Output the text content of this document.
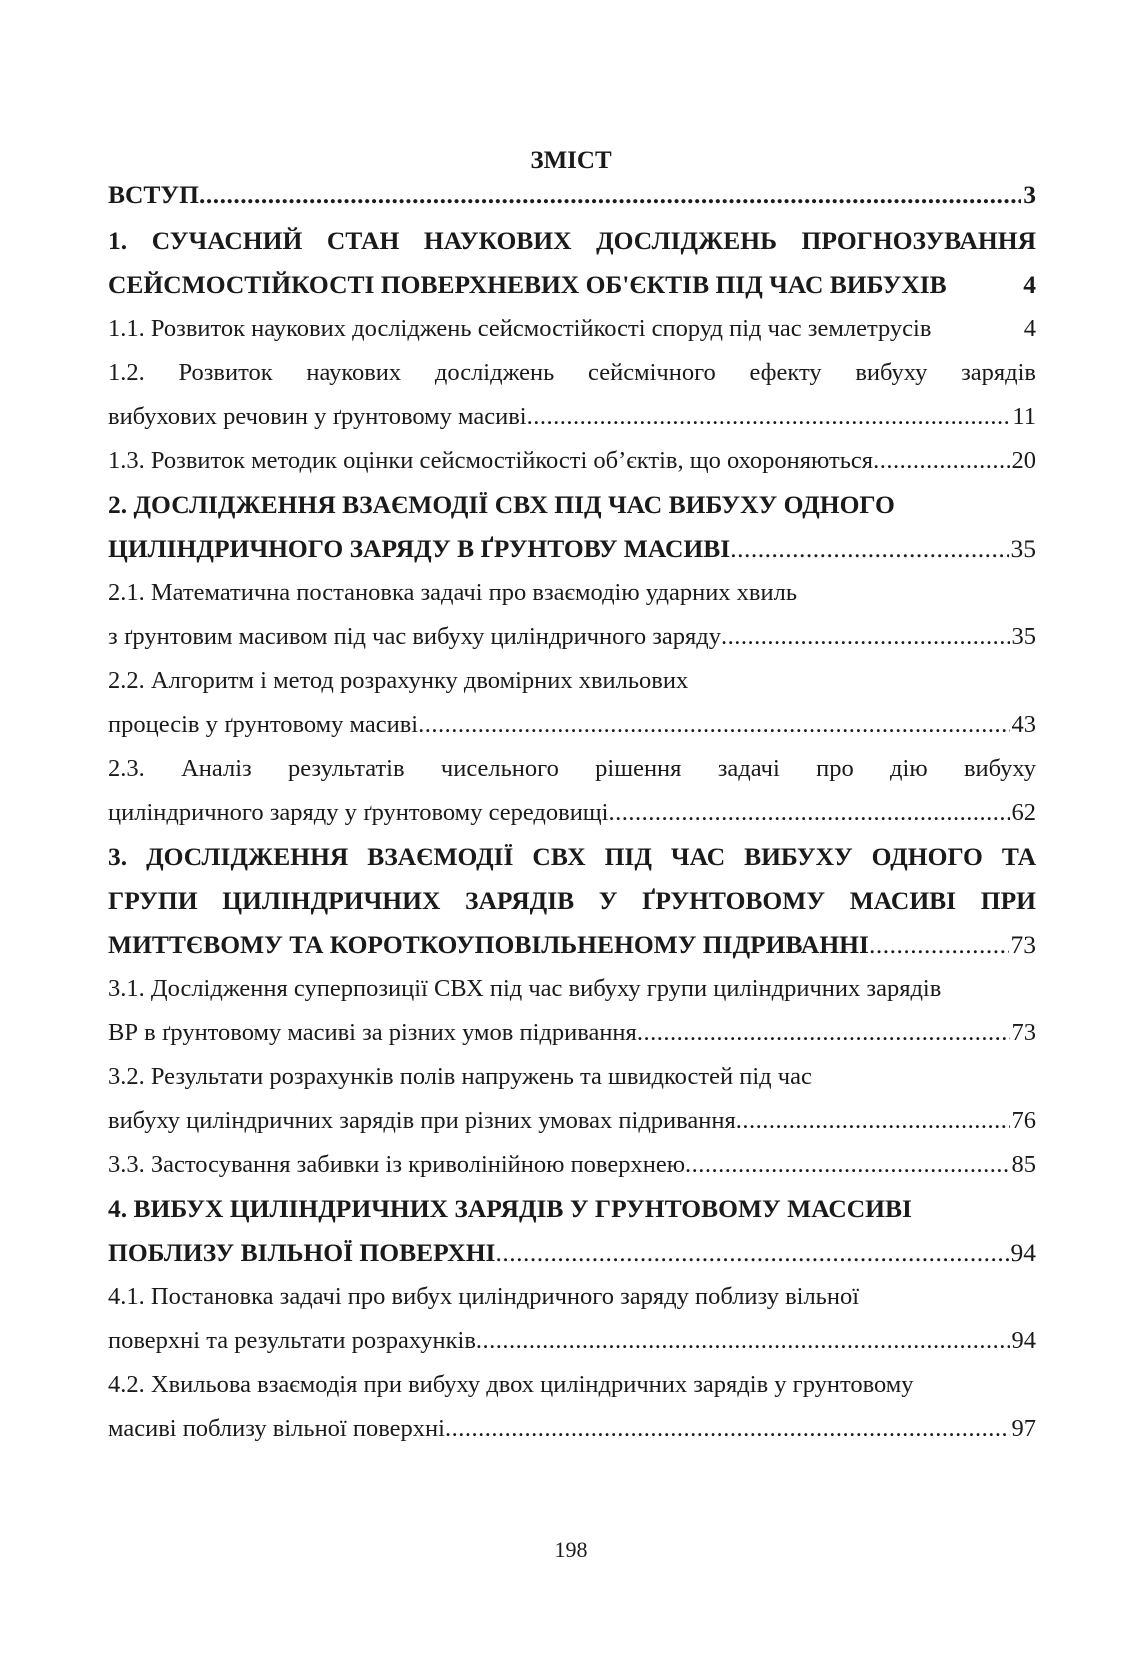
ЗМІСТ
ВСТУП .....	3
1. СУЧАСНИЙ СТАН НАУКОВИХ ДОСЛІДЖЕНЬ ПРОГНОЗУВАННЯ
СЕЙСМОСТІЙКОСТІ ПОВЕРХНЕВИХ ОБ'ЄКТІВ ПІД ЧАС ВИБУХІВ	4
1.1. Розвиток наукових досліджень сейсмостійкості споруд під час землетрусів	4
1.2. Розвиток наукових досліджень сейсмічного ефекту вибуху зарядів
вибухових речовин у ґрунтовому масиві .....	11
1.3. Розвиток методик оцінки сейсмостійкості об’єктів, що охороняються .....	20
2. ДОСЛІДЖЕННЯ ВЗАЄМОДІЇ СВХ ПІД ЧАС ВИБУХУ ОДНОГО
ЦИЛІНДРИЧНОГО ЗАРЯДУ В ҐРУНТОВУ МАСИВІ .....	35
2.1. Математична постановка задачі про взаємодію ударних хвиль
з ґрунтовим масивом під час вибуху циліндричного заряду .....	35
2.2. Алгоритм і метод розрахунку двомірних хвильових
процесів у ґрунтовому масиві .....	43
2.3. Аналіз результатів чисельного рішення задачі про дію вибуху
циліндричного заряду у ґрунтовому середовищі .....	62
3. ДОСЛІДЖЕННЯ ВЗАЄМОДІЇ СВХ ПІД ЧАС ВИБУХУ ОДНОГО ТА
ГРУПИ ЦИЛІНДРИЧНИХ ЗАРЯДІВ У ҐРУНТОВОМУ МАСИВІ ПРИ
МИТТЄВОМУ ТА КОРОТКОУПОВІЛЬНЕНОМУ ПІДРИВАННІ .....	73
3.1. Дослідження суперпозиції СВХ під час вибуху групи циліндричних зарядів
ВР в ґрунтовому масиві за різних умов підривання .....	73
3.2. Результати розрахунків полів напружень та швидкостей під час
вибуху циліндричних зарядів при різних умовах підривання .....	76
3.3. Застосування забивки із криволінійною поверхнею .....	85
4. ВИБУХ ЦИЛІНДРИЧНИХ ЗАРЯДІВ У ГРУНТОВОМУ МАССИВІ
ПОБЛИЗУ ВІЛЬНОЇ ПОВЕРХНІ .....	94
4.1. Постановка задачі про вибух циліндричного заряду поблизу вільної
поверхні та результати розрахунків .....	94
4.2. Хвильова взаємодія при вибуху двох циліндричних зарядів у грунтовому
масиві поблизу вільної поверхні .....	97
198
